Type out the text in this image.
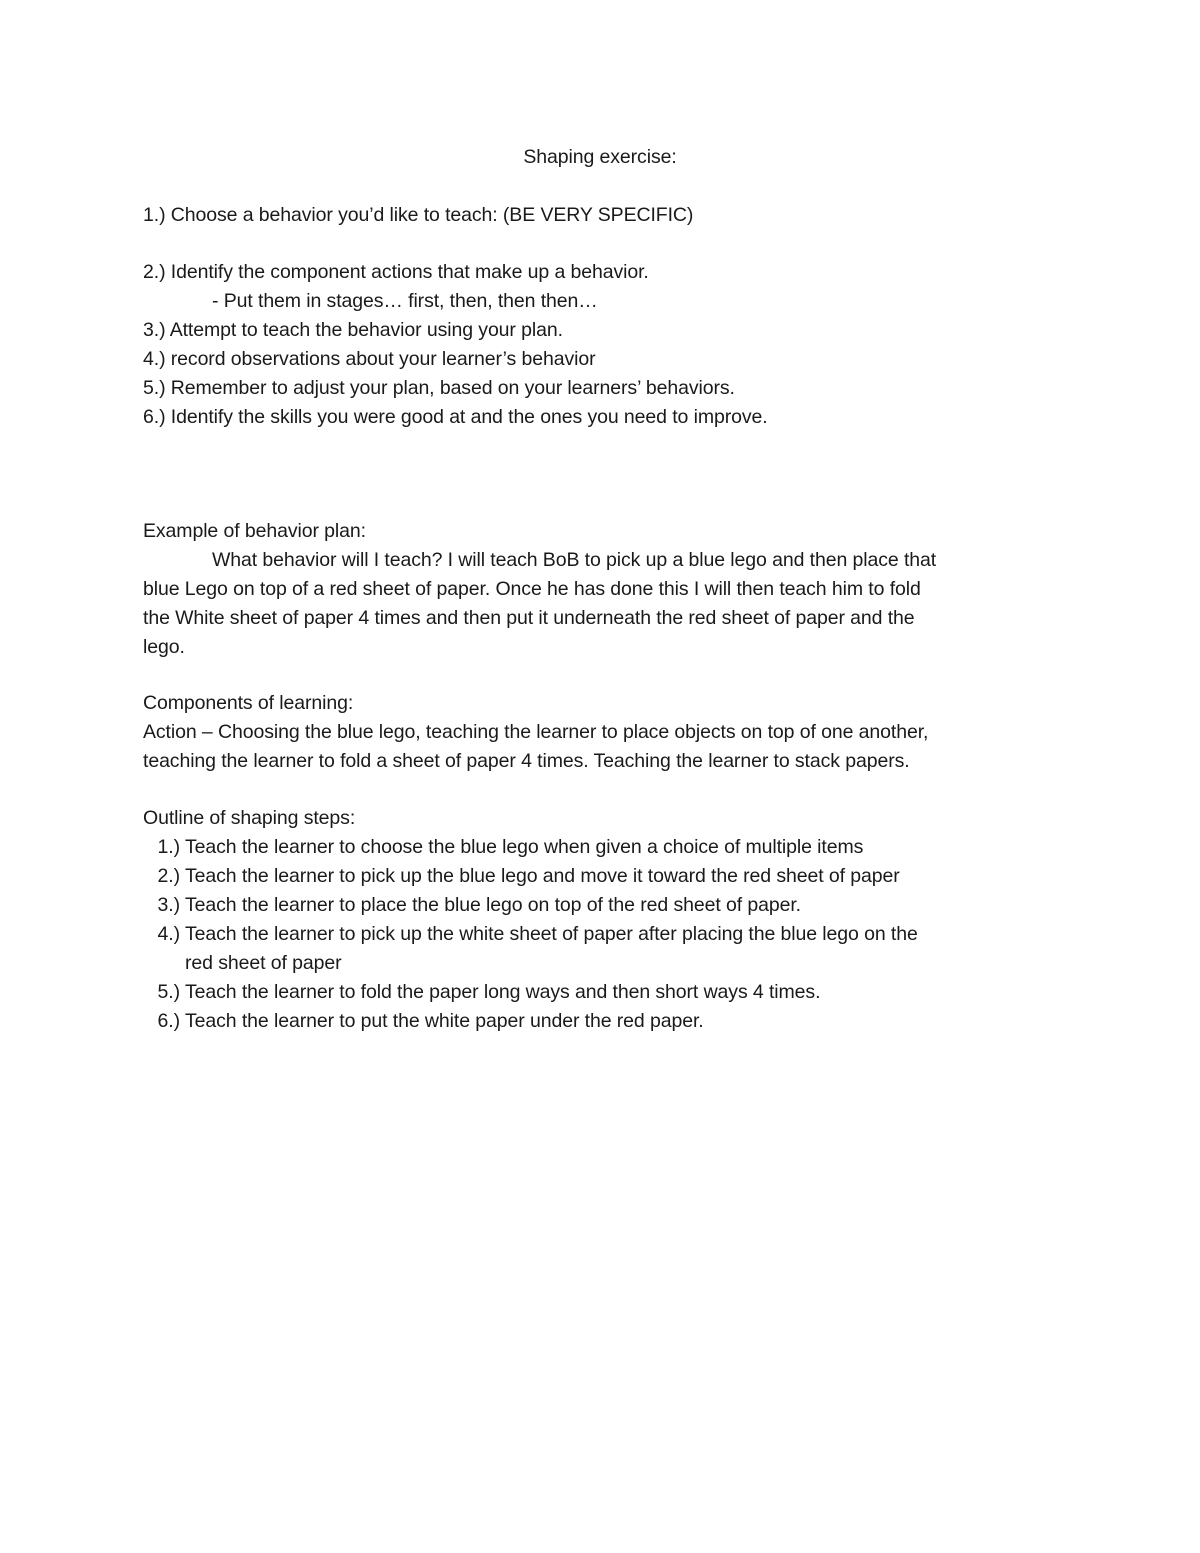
Shaping exercise:
1.) Choose a behavior you’d like to teach: (BE VERY SPECIFIC)
2.) Identify the component actions that make up a behavior.
- Put them in stages… first, then, then then…
3.) Attempt to teach the behavior using your plan.
4.) record observations about your learner’s behavior
5.) Remember to adjust your plan, based on your learners’ behaviors.
6.) Identify the skills you were good at and the ones you need to improve.
Example of behavior plan:
What behavior will I teach? I will teach BoB to pick up a blue lego and then place that
blue Lego on top of a red sheet of paper. Once he has done this I will then teach him to fold
the White sheet of paper 4 times and then put it underneath the red sheet of paper and the
lego.
Components of learning:
Action – Choosing the blue lego, teaching the learner to place objects on top of one another,
teaching the learner to fold a sheet of paper 4 times. Teaching the learner to stack papers.
Outline of shaping steps:
1.) Teach the learner to choose the blue lego when given a choice of multiple items
2.) Teach the learner to pick up the blue lego and move it toward the red sheet of paper
3.) Teach the learner to place the blue lego on top of the red sheet of paper.
4.) Teach the learner to pick up the white sheet of paper after placing the blue lego on the
red sheet of paper
5.) Teach the learner to fold the paper long ways and then short ways 4 times.
6.) Teach the learner to put the white paper under the red paper.
